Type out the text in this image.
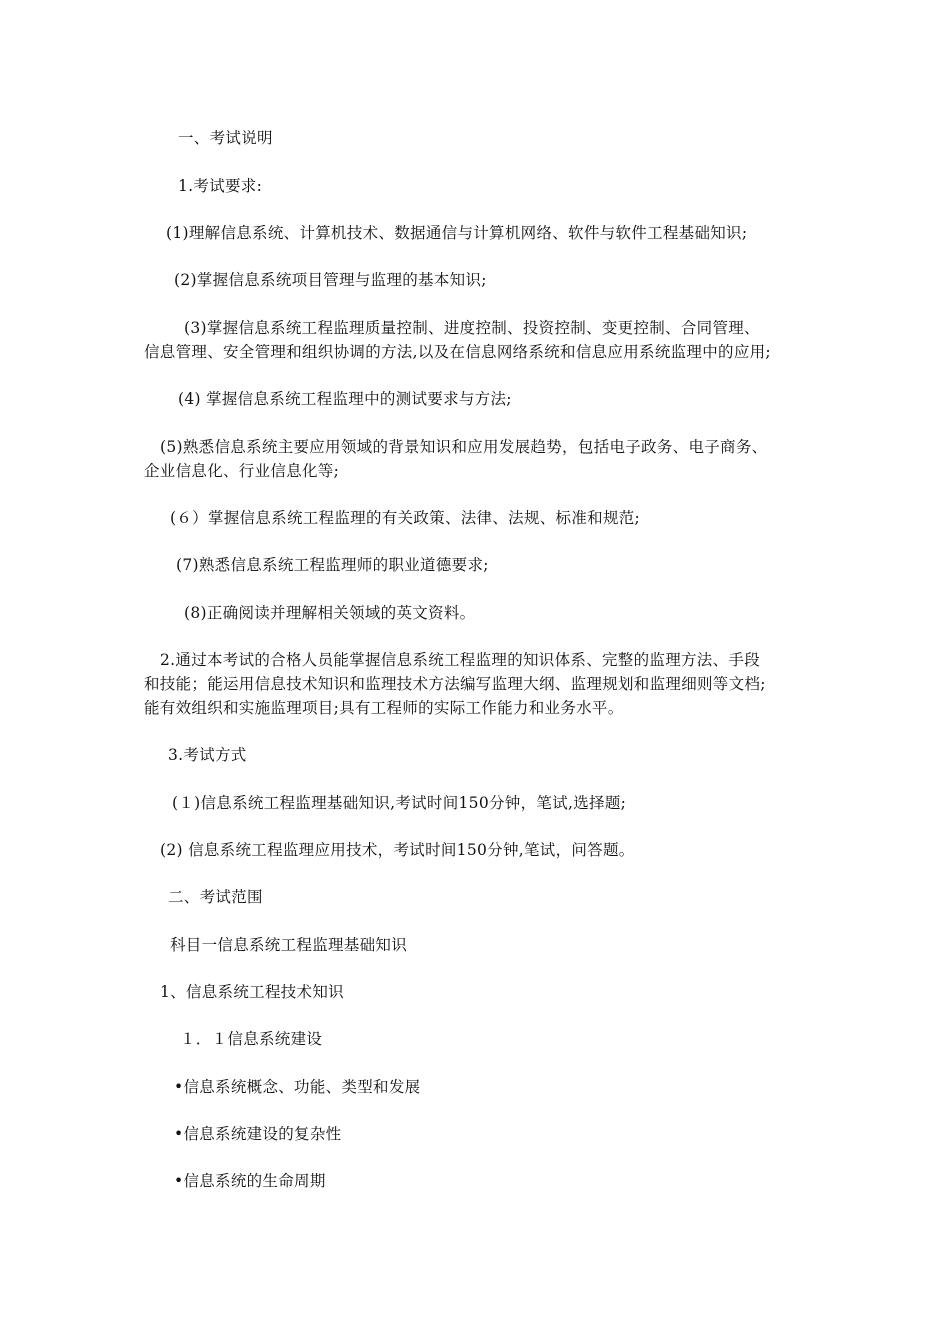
一、考试说明
1.考试要求:
(1)理解信息系统、计算机技术、数据通信与计算机网络、软件与软件工程基础知识;
(2)掌握信息系统项目管理与监理的基本知识;
(3)掌握信息系统工程监理质量控制、进度控制、投资控制、变更控制、合同管理、
信息管理、安全管理和组织协调的方法,以及在信息网络系统和信息应用系统监理中的应用;
(4) 掌握信息系统工程监理中的测试要求与方法;
(5)熟悉信息系统主要应用领域的背景知识和应用发展趋势，包括电子政务、电子商务、
企业信息化、行业信息化等;
(６）掌握信息系统工程监理的有关政策、法律、法规、标准和规范;
(7)熟悉信息系统工程监理师的职业道德要求;
(8)正确阅读并理解相关领域的英文资料。
2.通过本考试的合格人员能掌握信息系统工程监理的知识体系、完整的监理方法、手段
和技能；能运用信息技术知识和监理技术方法编写监理大纲、监理规划和监理细则等文档;
能有效组织和实施监理项目;具有工程师的实际工作能力和业务水平。
3.考试方式
(１)信息系统工程监理基础知识,考试时间150分钟，笔试,选择题;
(2) 信息系统工程监理应用技术，考试时间150分钟,笔试，问答题。
二、考试范围
科目一信息系统工程监理基础知识
1、信息系统工程技术知识
１．１信息系统建设
•信息系统概念、功能、类型和发展
•信息系统建设的复杂性
•信息系统的生命周期
